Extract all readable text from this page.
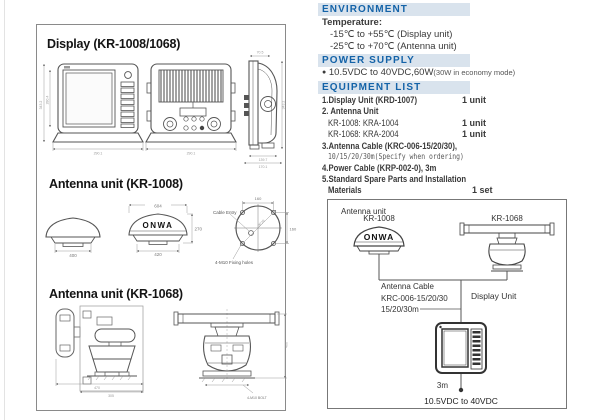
Display (KR-1008/1068)
Antenna unit (KR-1008)
Antenna unit (KR-1068)
343.2
280.4
290.1	290.1
70.5
343.2
139.7
170.1
400
ONWA
604
270
420
160
160
Ø226
Cable Entry
4-M10 Fixing holes
470
305	4-M10 BOLT
460
ENVIRONMENT
Temperature:
-15℃ to +55℃ (Display unit)
-25℃ to +70℃ (Antenna unit)
POWER SUPPLY
● 10.5VDC to 40VDC,60W(30W in economy mode)
EQUIPMENT LIST
1.Display Unit (KRD-1007)	1 unit
2. Antenna Unit
KR-1008: KRA-1004	1 unit
KR-1068: KRA-2004	1 unit
3.Antenna Cable (KRC-006-15/20/30),
10/15/20/30m(Specify when ordering)
4.Power Cable (KRP-002-0), 3m
5.Standard Spare Parts and Installation
Materials	1 set
Antenna unit
KR-1008	KR-1068
ONWA
Antenna Cable
KRC-006-15/20/30
15/20/30m
Display Unit
3m
10.5VDC to 40VDC
